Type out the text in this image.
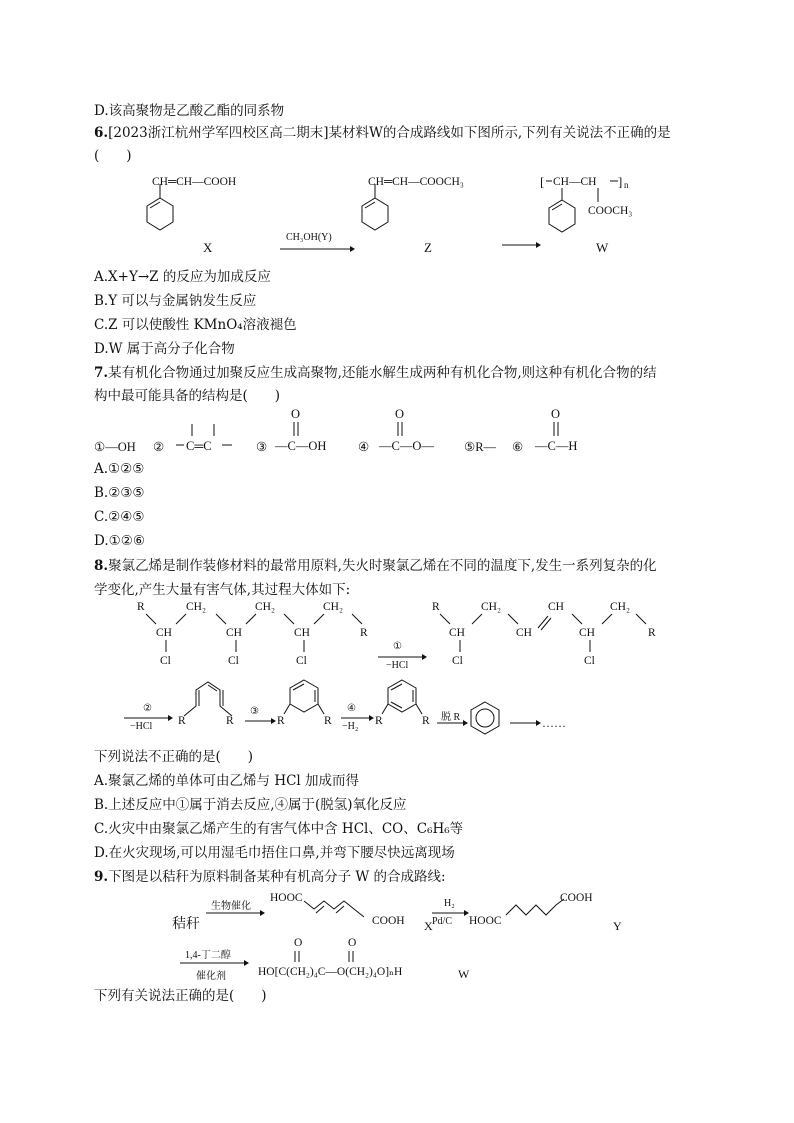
D.该高聚物是乙酸乙酯的同系物
6.[2023浙江杭州学军四校区高二期末]某材料W的合成路线如下图所示,下列有关说法不正确的是
(　　)
CH═CH—COOH
X
CH₃OH(Y)
CH═CH—COOCH₃
Z
[	] n
CH—CH
COOCH₃
W
A.X+Y→Z 的反应为加成反应
B.Y 可以与金属钠发生反应
C.Z 可以使酸性 KMnO₄溶液褪色
D.W 属于高分子化合物
7.某有机化合物通过加聚反应生成高聚物,还能水解生成两种有机化合物,则这种有机化合物的结
构中最可能具备的结构是(　　)
①—OH ② C═C	③
O
—C—OH	④
O
—C—O— ⑤R— ⑥
O
—C—H
A.①②⑤
B.②③⑤
C.②④⑤
D.①②⑥
8.聚氯乙烯是制作装修材料的最常用原料,失火时聚氯乙烯在不同的温度下,发生一系列复杂的化
学变化,产生大量有害气体,其过程大体如下:
R	CH₂	CH₂	CH₂
CH	CH	CH	R
Cl	Cl	Cl
①
−HCl
R	CH₂	CH	CH₂
CH	CH	CH	R
Cl	Cl
②
−HCl R	R
③
R	R
④
−H₂ R	R 脱 R	……
下列说法不正确的是(　　)
A.聚氯乙烯的单体可由乙烯与 HCl 加成而得
B.上述反应中①属于消去反应,④属于(脱氢)氧化反应
C.火灾中由聚氯乙烯产生的有害气体中含 HCl、CO、C₆H₆等
D.在火灾现场,可以用湿毛巾捂住口鼻,并弯下腰尽快远离现场
9.下图是以秸秆为原料制备某种有机高分子 W 的合成路线:
秸秆
生物催化
HOOC
COOH X
H₂
Pd/C HOOC
COOH
Y
1,4-丁二醇
催化剂
O	O
HO[C(CH₂)₄C—O(CH₂)₄O]ₙH	W
下列有关说法正确的是(　　)
